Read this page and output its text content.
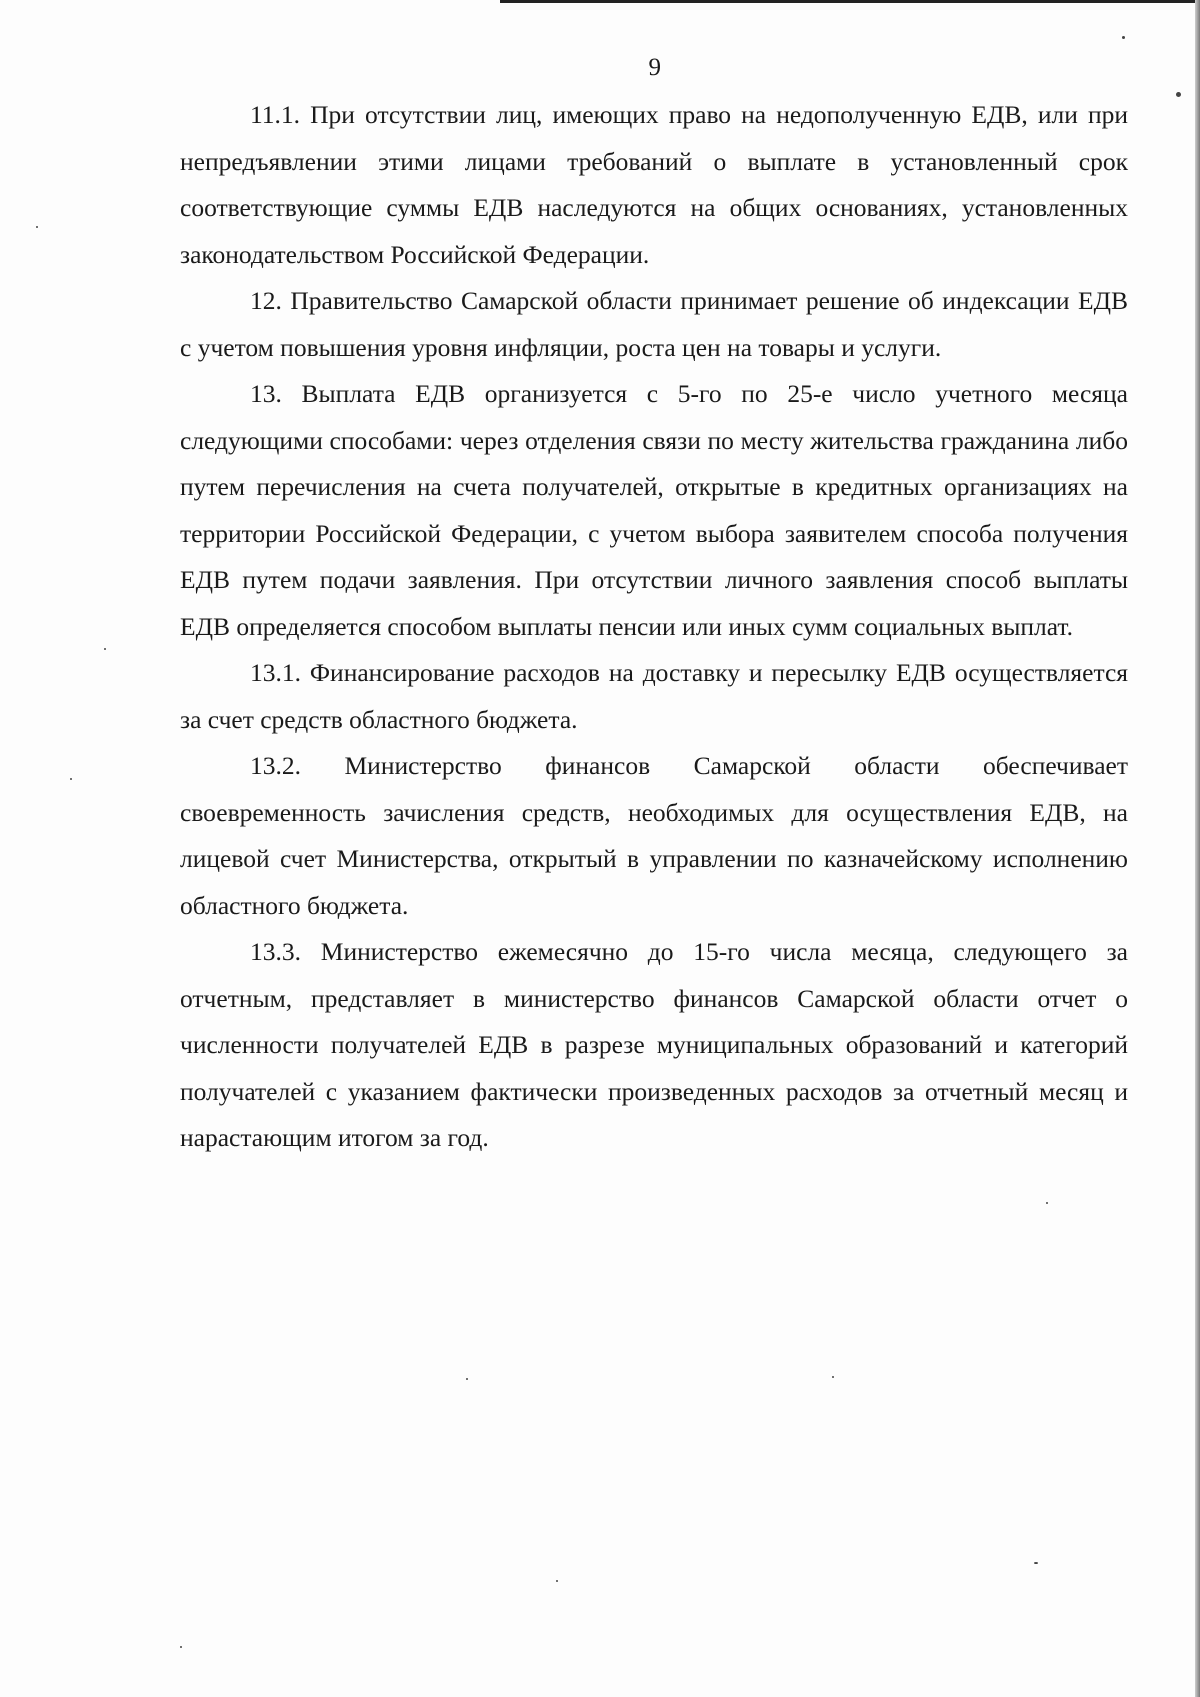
9

11.1. При отсутствии лиц, имеющих право на недополученную ЕДВ, или при непредъявлении этими лицами требований о выплате в установленный срок соответствующие суммы ЕДВ наследуются на общих основаниях, установленных законодательством Российской Федерации.

12. Правительство Самарской области принимает решение об индексации ЕДВ с учетом повышения уровня инфляции, роста цен на товары и услуги.

13. Выплата ЕДВ организуется с 5-го по 25-е число учетного месяца следующими способами: через отделения связи по месту жительства гражданина либо путем перечисления на счета получателей, открытые в кредитных организациях на территории Российской Федерации, с учетом выбора заявителем способа получения ЕДВ путем подачи заявления. При отсутствии личного заявления способ выплаты ЕДВ определяется способом выплаты пенсии или иных сумм социальных выплат.

13.1. Финансирование расходов на доставку и пересылку ЕДВ осуществляется за счет средств областного бюджета.

13.2. Министерство финансов Самарской области обеспечивает своевременность зачисления средств, необходимых для осуществления ЕДВ, на лицевой счет Министерства, открытый в управлении по казначейскому исполнению областного бюджета.

13.3. Министерство ежемесячно до 15-го числа месяца, следующего за отчетным, представляет в министерство финансов Самарской области отчет о численности получателей ЕДВ в разрезе муниципальных образований и категорий получателей с указанием фактически произведенных расходов за отчетный месяц и нарастающим итогом за год.
